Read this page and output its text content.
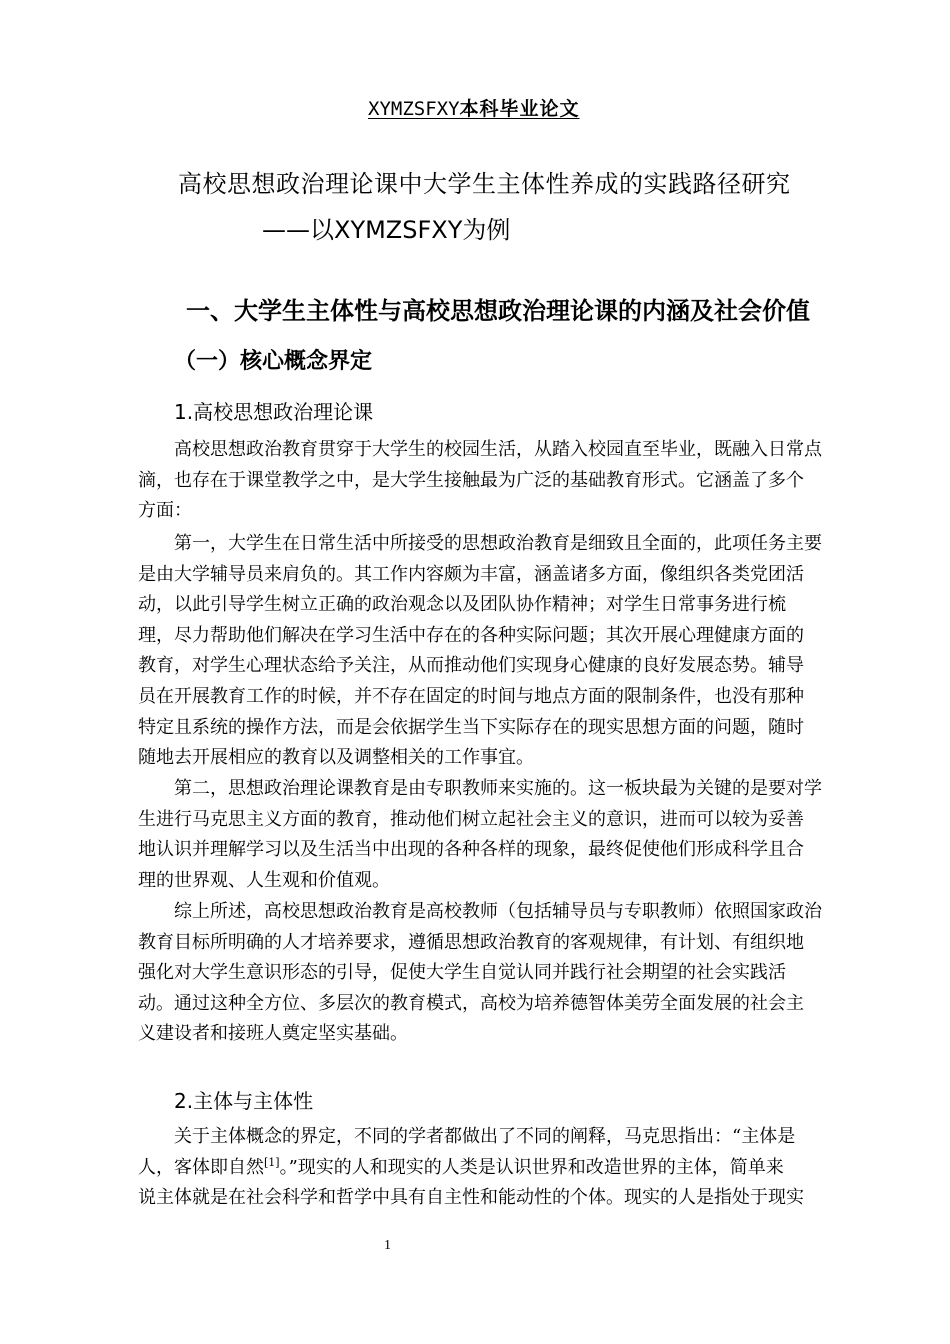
XYMZSFXY本科毕业论文
高校思想政治理论课中大学生主体性养成的实践路径研究
——以XYMZSFXY为例
一、大学生主体性与高校思想政治理论课的内涵及社会价值
（一）核心概念界定
1.高校思想政治理论课
高校思想政治教育贯穿于大学生的校园生活，从踏入校园直至毕业，既融入日常点
滴，也存在于课堂教学之中，是大学生接触最为广泛的基础教育形式。它涵盖了多个
方面：
第一，大学生在日常生活中所接受的思想政治教育是细致且全面的，此项任务主要
是由大学辅导员来肩负的。其工作内容颇为丰富，涵盖诸多方面，像组织各类党团活
动，以此引导学生树立正确的政治观念以及团队协作精神；对学生日常事务进行梳
理，尽力帮助他们解决在学习生活中存在的各种实际问题；其次开展心理健康方面的
教育，对学生心理状态给予关注，从而推动他们实现身心健康的良好发展态势。辅导
员在开展教育工作的时候，并不存在固定的时间与地点方面的限制条件，也没有那种
特定且系统的操作方法，而是会依据学生当下实际存在的现实思想方面的问题，随时
随地去开展相应的教育以及调整相关的工作事宜。
第二，思想政治理论课教育是由专职教师来实施的。这一板块最为关键的是要对学
生进行马克思主义方面的教育，推动他们树立起社会主义的意识，进而可以较为妥善
地认识并理解学习以及生活当中出现的各种各样的现象，最终促使他们形成科学且合
理的世界观、人生观和价值观。
综上所述，高校思想政治教育是高校教师（包括辅导员与专职教师）依照国家政治
教育目标所明确的人才培养要求，遵循思想政治教育的客观规律，有计划、有组织地
强化对大学生意识形态的引导，促使大学生自觉认同并践行社会期望的社会实践活
动。通过这种全方位、多层次的教育模式，高校为培养德智体美劳全面发展的社会主
义建设者和接班人奠定坚实基础。
2.主体与主体性
关于主体概念的界定，不同的学者都做出了不同的阐释，马克思指出：“主体是
人，客体即自然[1]。”现实的人和现实的人类是认识世界和改造世界的主体，简单来
说主体就是在社会科学和哲学中具有自主性和能动性的个体。现实的人是指处于现实
1
